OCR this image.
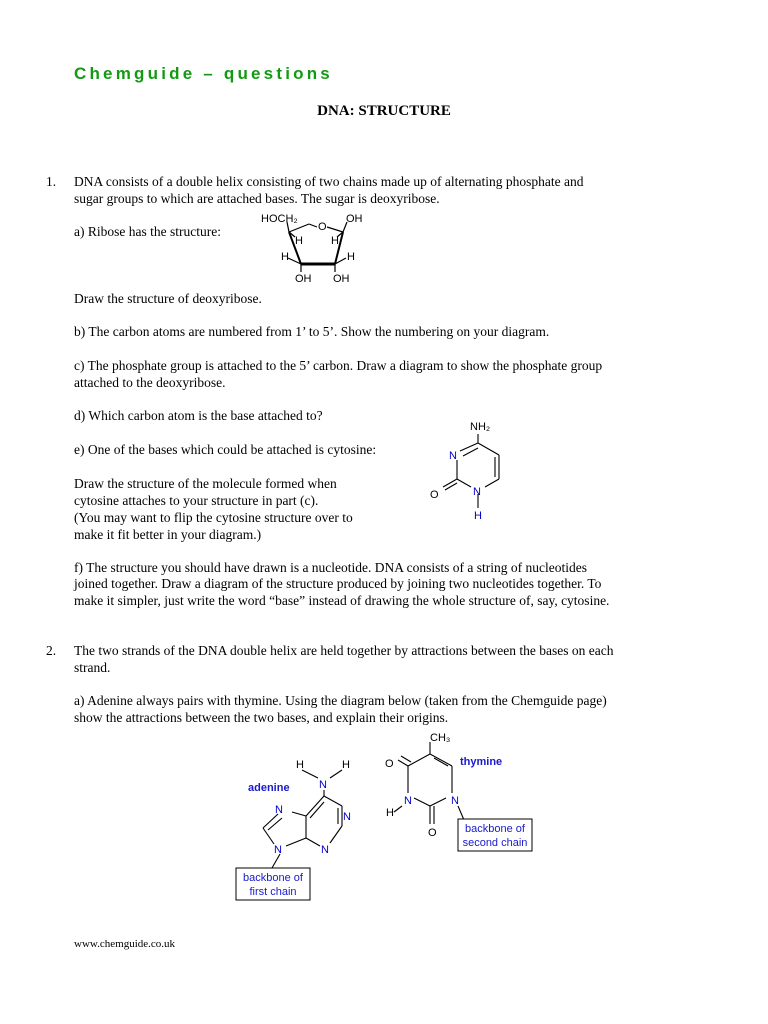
Chemguide – questions
DNA: STRUCTURE
1. DNA consists of a double helix consisting of two chains made up of alternating phosphate and
sugar groups to which are attached bases. The sugar is deoxyribose.
a) Ribose has the structure:
HOCH₂
O
OH
H	H
H	H
OH OH
Draw the structure of deoxyribose.
b) The carbon atoms are numbered from 1’ to 5’. Show the numbering on your diagram.
c) The phosphate group is attached to the 5’ carbon. Draw a diagram to show the phosphate group
attached to the deoxyribose.
d) Which carbon atom is the base attached to?
e) One of the bases which could be attached is cytosine:
NH₂
N
N
O
H
Draw the structure of the molecule formed when
cytosine attaches to your structure in part (c).
(You may want to flip the cytosine structure over to
make it fit better in your diagram.)
f) The structure you should have drawn is a nucleotide. DNA consists of a string of nucleotides
joined together. Draw a diagram of the structure produced by joining two nucleotides together. To
make it simpler, just write the word “base” instead of drawing the whole structure of, say, cytosine.
2. The two strands of the DNA double helix are held together by attractions between the bases on each
strand.
a) Adenine always pairs with thymine. Using the diagram below (taken from the Chemguide page)
show the attractions between the two bases, and explain their origins.
adenine
H	H
N
N
N
N
N
CH₃
thymine
O
N	N
H
O	backbone of
second chain
backbone of
first chain
www.chemguide.co.uk
